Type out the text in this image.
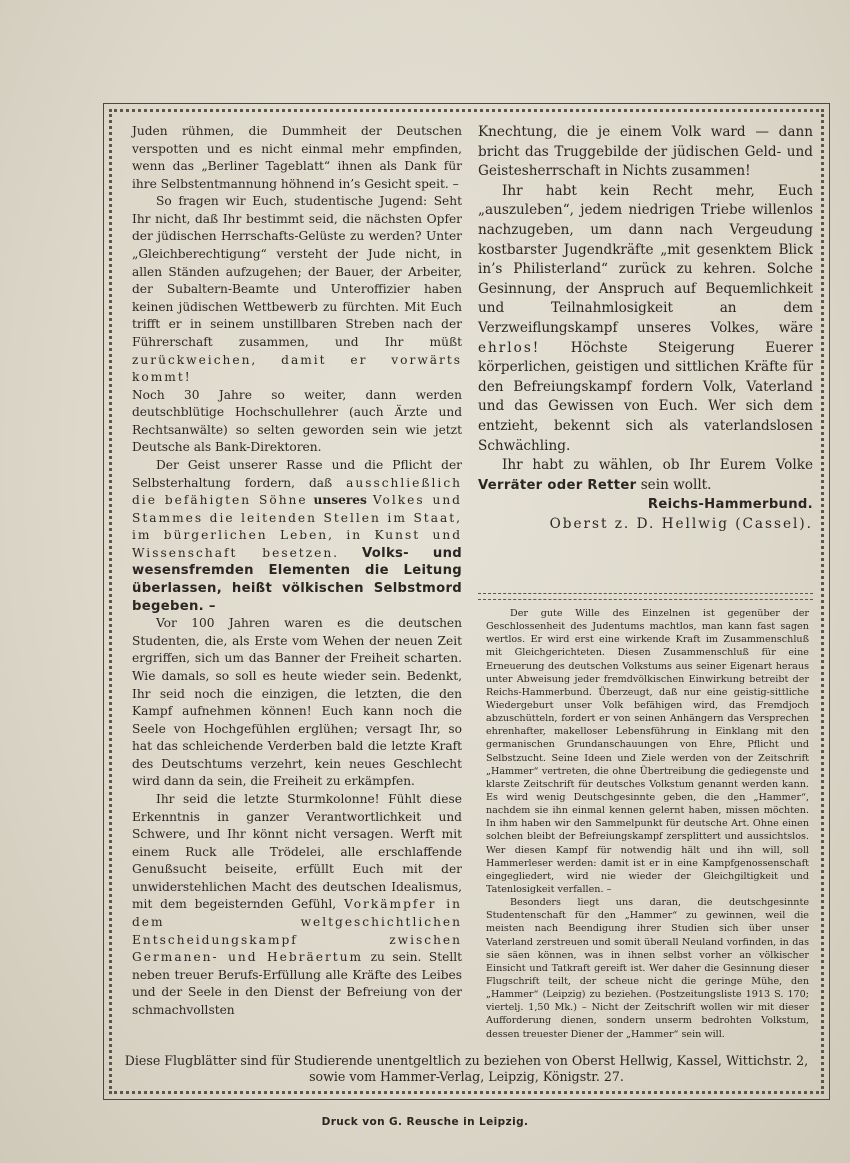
Juden rühmen, die Dummheit der Deutschen verspotten und es nicht einmal mehr empfinden, wenn das „Berliner Tageblatt“ ihnen als Dank für ihre Selbstentmannung höhnend in’s Gesicht speit. –

So fragen wir Euch, studentische Jugend: Seht Ihr nicht, daß Ihr bestimmt seid, die nächsten Opfer der jüdischen Herrschafts-Gelüste zu werden? Unter „Gleichberechtigung“ versteht der Jude nicht, in allen Ständen aufzugehen; der Bauer, der Arbeiter, der Subaltern-Beamte und Unteroffizier haben keinen jüdischen Wettbewerb zu fürchten. Mit Euch trifft er in seinem unstillbaren Streben nach der Führerschaft zusammen, und Ihr müßt zurückweichen, damit er vorwärts kommt!

Noch 30 Jahre so weiter, dann werden deutschblütige Hochschullehrer (auch Ärzte und Rechtsanwälte) so selten geworden sein wie jetzt Deutsche als Bank-Direktoren.

Der Geist unserer Rasse und die Pflicht der Selbsterhaltung fordern, daß ausschließlich die befähigten Söhne unseres Volkes und Stammes die leitenden Stellen im Staat, im bürgerlichen Leben, in Kunst und Wissenschaft besetzen. Volks- und wesensfremden Elementen die Leitung überlassen, heißt völkischen Selbstmord begeben. –

Vor 100 Jahren waren es die deutschen Studenten, die, als Erste vom Wehen der neuen Zeit ergriffen, sich um das Banner der Freiheit scharten. Wie damals, so soll es heute wieder sein. Bedenkt, Ihr seid noch die einzigen, die letzten, die den Kampf aufnehmen können! Euch kann noch die Seele von Hochgefühlen erglühen; versagt Ihr, so hat das schleichende Verderben bald die letzte Kraft des Deutschtums verzehrt, kein neues Geschlecht wird dann da sein, die Freiheit zu erkämpfen.

Ihr seid die letzte Sturmkolonne! Fühlt diese Erkenntnis in ganzer Verantwortlichkeit und Schwere, und Ihr könnt nicht versagen. Werft mit einem Ruck alle Trödelei, alle erschlaffende Genußsucht beiseite, erfüllt Euch mit der unwiderstehlichen Macht des deutschen Idealismus, mit dem begeisternden Gefühl, Vorkämpfer in dem weltgeschichtlichen Entscheidungskampf zwischen Germanen- und Hebräertum zu sein. Stellt neben treuer Berufs-Erfüllung alle Kräfte des Leibes und der Seele in den Dienst der Befreiung von der schmachvollsten

Knechtung, die je einem Volk ward — dann bricht das Truggebilde der jüdischen Geld- und Geistesherrschaft in Nichts zusammen!

Ihr habt kein Recht mehr, Euch „auszuleben“, jedem niedrigen Triebe willenlos nachzugeben, um dann nach Vergeudung kostbarster Jugendkräfte „mit gesenktem Blick in’s Philisterland“ zurück zu kehren. Solche Gesinnung, der Anspruch auf Bequemlichkeit und Teilnahmlosigkeit an dem Verzweiflungskampf unseres Volkes, wäre ehrlos! Höchste Steigerung Euerer körperlichen, geistigen und sittlichen Kräfte für den Befreiungskampf fordern Volk, Vaterland und das Gewissen von Euch. Wer sich dem entzieht, bekennt sich als vaterlandslosen Schwächling.

Ihr habt zu wählen, ob Ihr Eurem Volke Verräter oder Retter sein wollt.

Reichs-Hammerbund.

Oberst z. D. Hellwig (Cassel).

Der gute Wille des Einzelnen ist gegenüber der Geschlossenheit des Judentums machtlos, man kann fast sagen wertlos. Er wird erst eine wirkende Kraft im Zusammenschluß mit Gleichgerichteten. Diesen Zusammenschluß für eine Erneuerung des deutschen Volkstums aus seiner Eigenart heraus unter Abweisung jeder fremdvölkischen Einwirkung betreibt der Reichs-Hammerbund. Überzeugt, daß nur eine geistig-sittliche Wiedergeburt unser Volk befähigen wird, das Fremdjoch abzuschütteln, fordert er von seinen Anhängern das Versprechen ehrenhafter, makelloser Lebensführung in Einklang mit den germanischen Grundanschauungen von Ehre, Pflicht und Selbstzucht. Seine Ideen und Ziele werden von der Zeitschrift „Hammer“ vertreten, die ohne Übertreibung die gediegenste und klarste Zeitschrift für deutsches Volkstum genannt werden kann. Es wird wenig Deutschgesinnte geben, die den „Hammer“, nachdem sie ihn einmal kennen gelernt haben, missen möchten. In ihm haben wir den Sammelpunkt für deutsche Art. Ohne einen solchen bleibt der Befreiungskampf zersplittert und aussichtslos. Wer diesen Kampf für notwendig hält und ihn will, soll Hammerleser werden: damit ist er in eine Kampfgenossenschaft eingegliedert, wird nie wieder der Gleichgiltigkeit und Tatenlosigkeit verfallen. –

Besonders liegt uns daran, die deutschgesinnte Studentenschaft für den „Hammer“ zu gewinnen, weil die meisten nach Beendigung ihrer Studien sich über unser Vaterland zerstreuen und somit überall Neuland vorfinden, in das sie säen können, was in ihnen selbst vorher an völkischer Einsicht und Tatkraft gereift ist. Wer daher die Gesinnung dieser Flugschrift teilt, der scheue nicht die geringe Mühe, den „Hammer“ (Leipzig) zu beziehen. (Postzeitungsliste 1913 S. 170; viertelj. 1,50 Mk.) – Nicht der Zeitschrift wollen wir mit dieser Aufforderung dienen, sondern unserm bedrohten Volkstum, dessen treuester Diener der „Hammer“ sein will.

Diese Flugblätter sind für Studierende unentgeltlich zu beziehen von Oberst Hellwig, Kassel, Wittichstr. 2,
sowie vom Hammer-Verlag, Leipzig, Königstr. 27.
Druck von G. Reusche in Leipzig.
